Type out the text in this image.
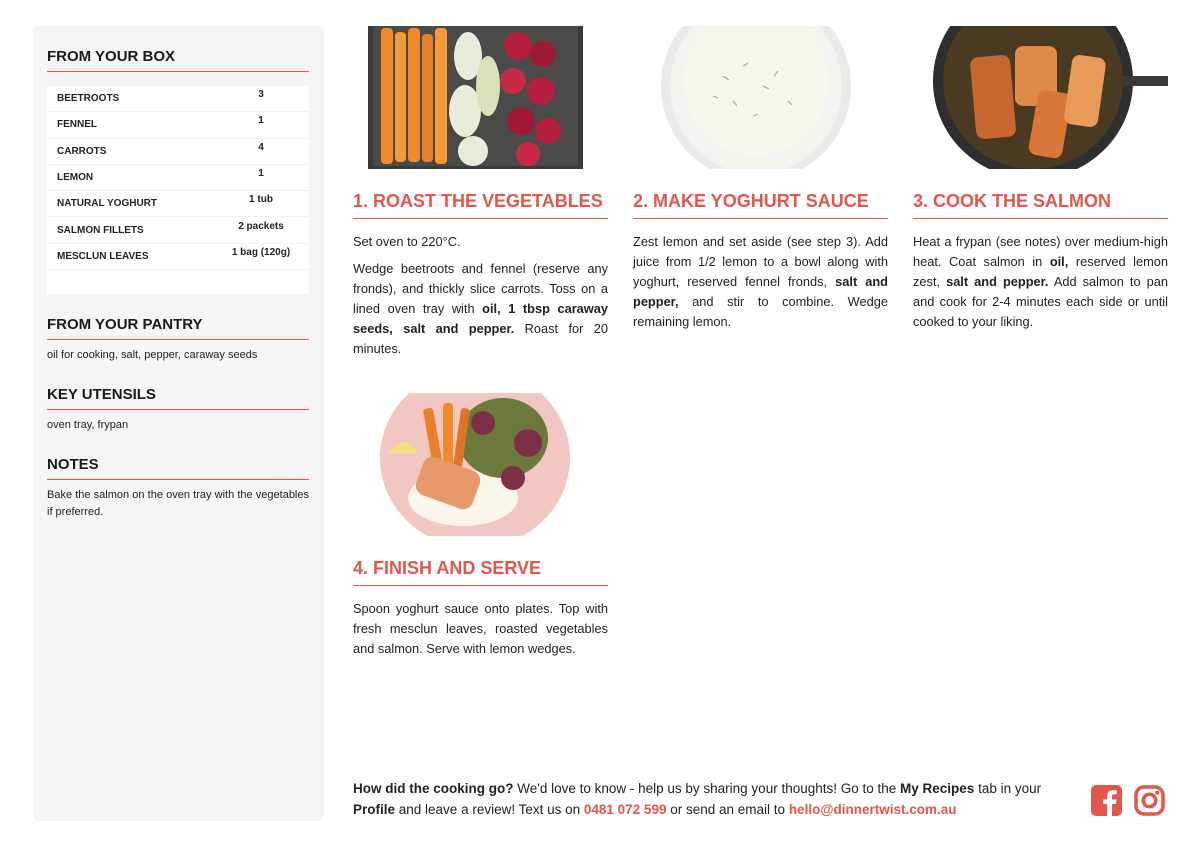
FROM YOUR BOX
BEETROOTS	3
FENNEL	1
CARROTS	4
LEMON	1
NATURAL YOGHURT	1 tub
SALMON FILLETS	2 packets
MESCLUN LEAVES	1 bag (120g)
FROM YOUR PANTRY
oil for cooking, salt, pepper, caraway seeds
KEY UTENSILS
oven tray, frypan
NOTES
Bake the salmon on the oven tray with the vegetables if preferred.
1. ROAST THE VEGETABLES

Set oven to 220°C.

Wedge beetroots and fennel (reserve any fronds), and thickly slice carrots. Toss on a lined oven tray with oil, 1 tbsp caraway seeds, salt and pepper. Roast for 20 minutes.

2. MAKE YOGHURT SAUCE

Zest lemon and set aside (see step 3). Add juice from 1/2 lemon to a bowl along with yoghurt, reserved fennel fronds, salt and pepper, and stir to combine. Wedge remaining lemon.

3. COOK THE SALMON

Heat a frypan (see notes) over medium-high heat. Coat salmon in oil, reserved lemon zest, salt and pepper. Add salmon to pan and cook for 2-4 minutes each side or until cooked to your liking.

4. FINISH AND SERVE

Spoon yoghurt sauce onto plates. Top with fresh mesclun leaves, roasted vegetables and salmon. Serve with lemon wedges.

How did the cooking go? We'd love to know - help us by sharing your thoughts! Go to the My Recipes tab in your Profile and leave a review! Text us on 0481 072 599 or send an email to hello@dinnertwist.com.au
